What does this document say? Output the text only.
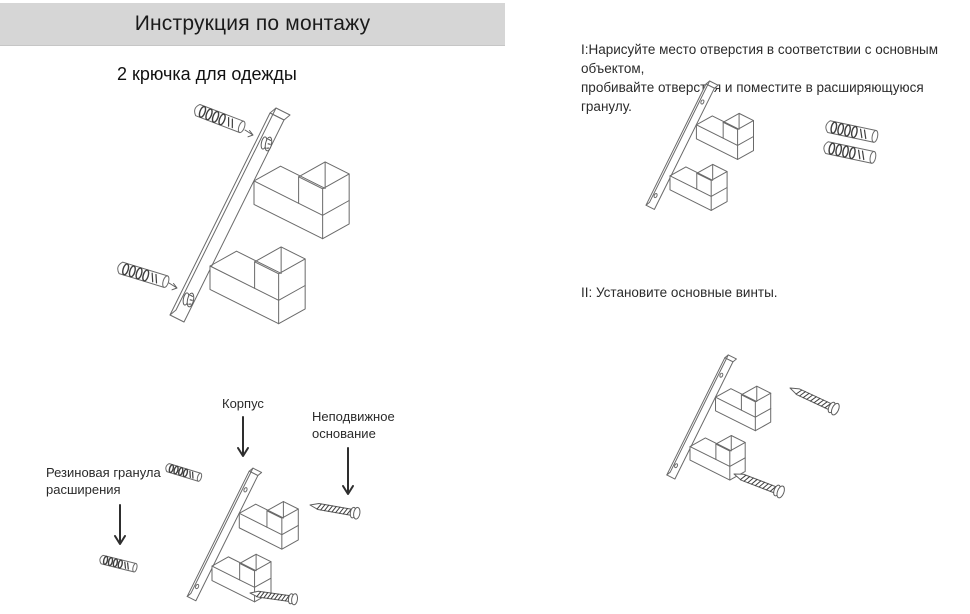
Инструкция по монтажу
2 крючка для одежды
I:Нарисуйте место отверстия в соответствии с основным объектом,
пробивайте отверстия и поместите в расширяющуюся гранулу.
II: Установите основные винты.
Корпус
Неподвижное основание
Резиновая гранула расширения
